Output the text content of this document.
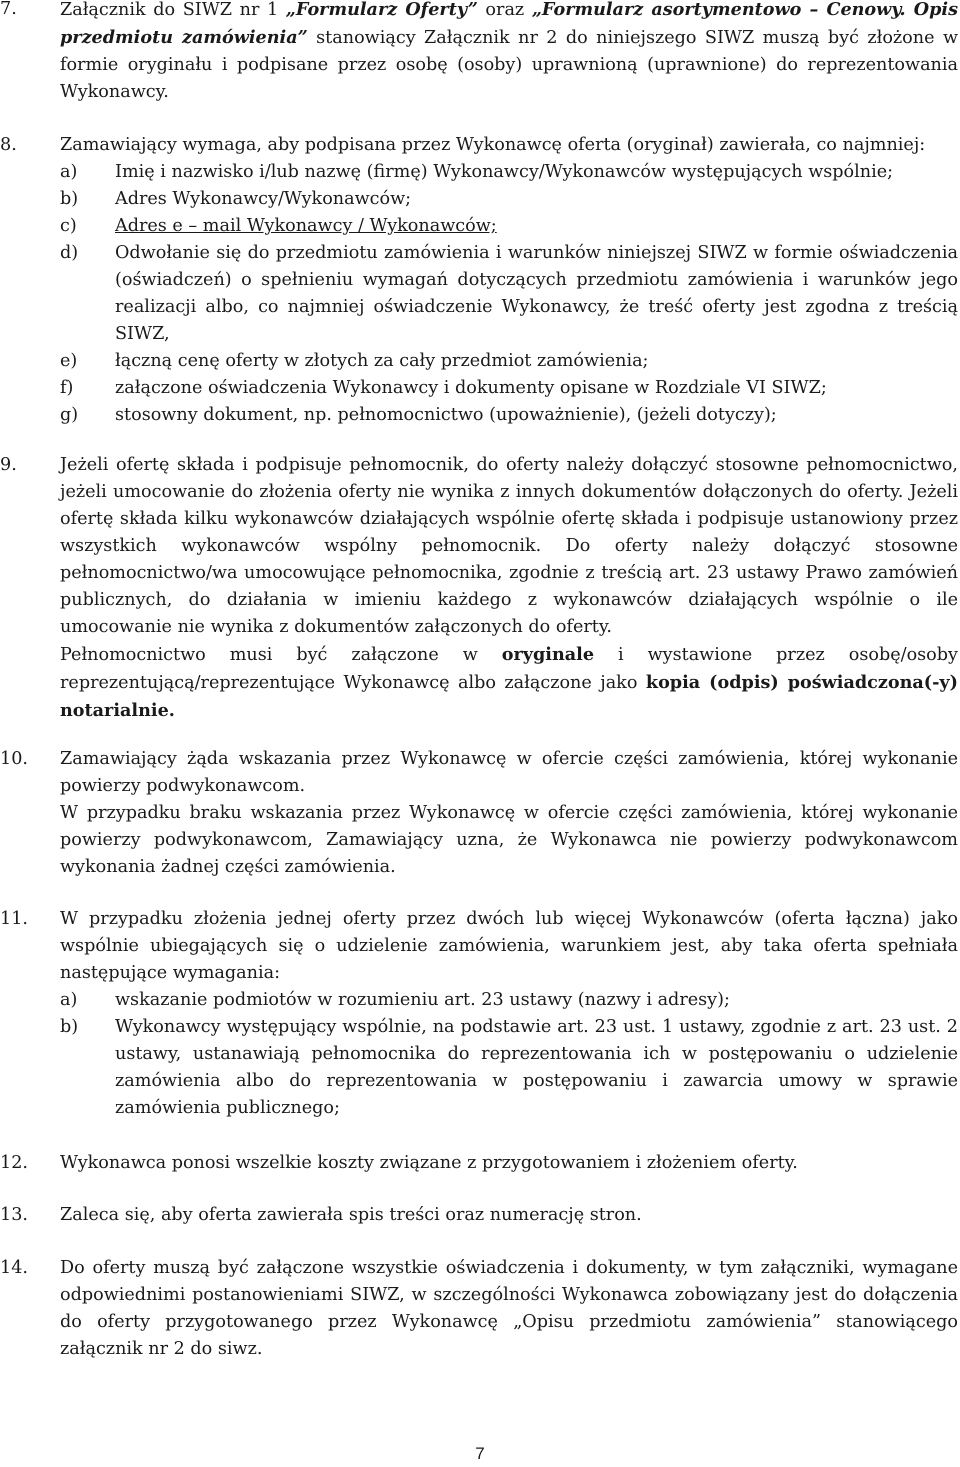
7.	Załącznik do SIWZ nr 1 „Formularz Oferty” oraz „Formularz asortymentowo – Cenowy. Opis przedmiotu zamówienia” stanowiący Załącznik nr 2 do niniejszego SIWZ muszą być złożone w formie oryginału i podpisane przez osobę (osoby) uprawnioną (uprawnione) do reprezentowania Wykonawcy.
8.	Zamawiający wymaga, aby podpisana przez Wykonawcę oferta (oryginał) zawierała, co najmniej:
a)	Imię i nazwisko i/lub nazwę (firmę) Wykonawcy/Wykonawców występujących wspólnie;
b)	Adres Wykonawcy/Wykonawców;
c)	Adres e – mail Wykonawcy / Wykonawców;
d)	Odwołanie się do przedmiotu zamówienia i warunków niniejszej SIWZ w formie oświadczenia (oświadczeń) o spełnieniu wymagań dotyczących przedmiotu zamówienia i warunków jego realizacji albo, co najmniej oświadczenie Wykonawcy, że treść oferty jest zgodna z treścią SIWZ,
e)	łączną cenę oferty w złotych za cały przedmiot zamówienia;
f)	załączone oświadczenia Wykonawcy i dokumenty opisane w Rozdziale VI SIWZ;
g)	stosowny dokument, np. pełnomocnictwo (upoważnienie), (jeżeli dotyczy);
9.	Jeżeli ofertę składa i podpisuje pełnomocnik, do oferty należy dołączyć stosowne pełnomocnictwo, jeżeli umocowanie do złożenia oferty nie wynika z innych dokumentów dołączonych do oferty. Jeżeli ofertę składa kilku wykonawców działających wspólnie ofertę składa i podpisuje ustanowiony przez wszystkich wykonawców wspólny pełnomocnik. Do oferty należy dołączyć stosowne pełnomocnictwo/wa umocowujące pełnomocnika, zgodnie z treścią art. 23 ustawy Prawo zamówień publicznych, do działania w imieniu każdego z wykonawców działających wspólnie o ile umocowanie nie wynika z dokumentów załączonych do oferty.
Pełnomocnictwo musi być załączone w oryginale i wystawione przez osobę/osoby reprezentującą/reprezentujące Wykonawcę albo załączone jako kopia (odpis) poświadczona(-y) notarialnie.
10.	Zamawiający żąda wskazania przez Wykonawcę w ofercie części zamówienia, której wykonanie powierzy podwykonawcom.
W przypadku braku wskazania przez Wykonawcę w ofercie części zamówienia, której wykonanie powierzy podwykonawcom, Zamawiający uzna, że Wykonawca nie powierzy podwykonawcom wykonania żadnej części zamówienia.
11.	W przypadku złożenia jednej oferty przez dwóch lub więcej Wykonawców (oferta łączna) jako wspólnie ubiegających się o udzielenie zamówienia, warunkiem jest, aby taka oferta spełniała następujące wymagania:
a)	wskazanie podmiotów w rozumieniu art. 23 ustawy (nazwy i adresy);
b)	Wykonawcy występujący wspólnie, na podstawie art. 23 ust. 1 ustawy, zgodnie z art. 23 ust. 2 ustawy, ustanawiają pełnomocnika do reprezentowania ich w postępowaniu o udzielenie zamówienia albo do reprezentowania w postępowaniu i zawarcia umowy w sprawie zamówienia publicznego;
12.	Wykonawca ponosi wszelkie koszty związane z przygotowaniem i złożeniem oferty.
13.	Zaleca się, aby oferta zawierała spis treści oraz numerację stron.
14.	Do oferty muszą być załączone wszystkie oświadczenia i dokumenty, w tym załączniki, wymagane odpowiednimi postanowieniami SIWZ, w szczególności Wykonawca zobowiązany jest do dołączenia do oferty przygotowanego przez Wykonawcę „Opisu przedmiotu zamówienia” stanowiącego załącznik nr 2 do siwz.
7
